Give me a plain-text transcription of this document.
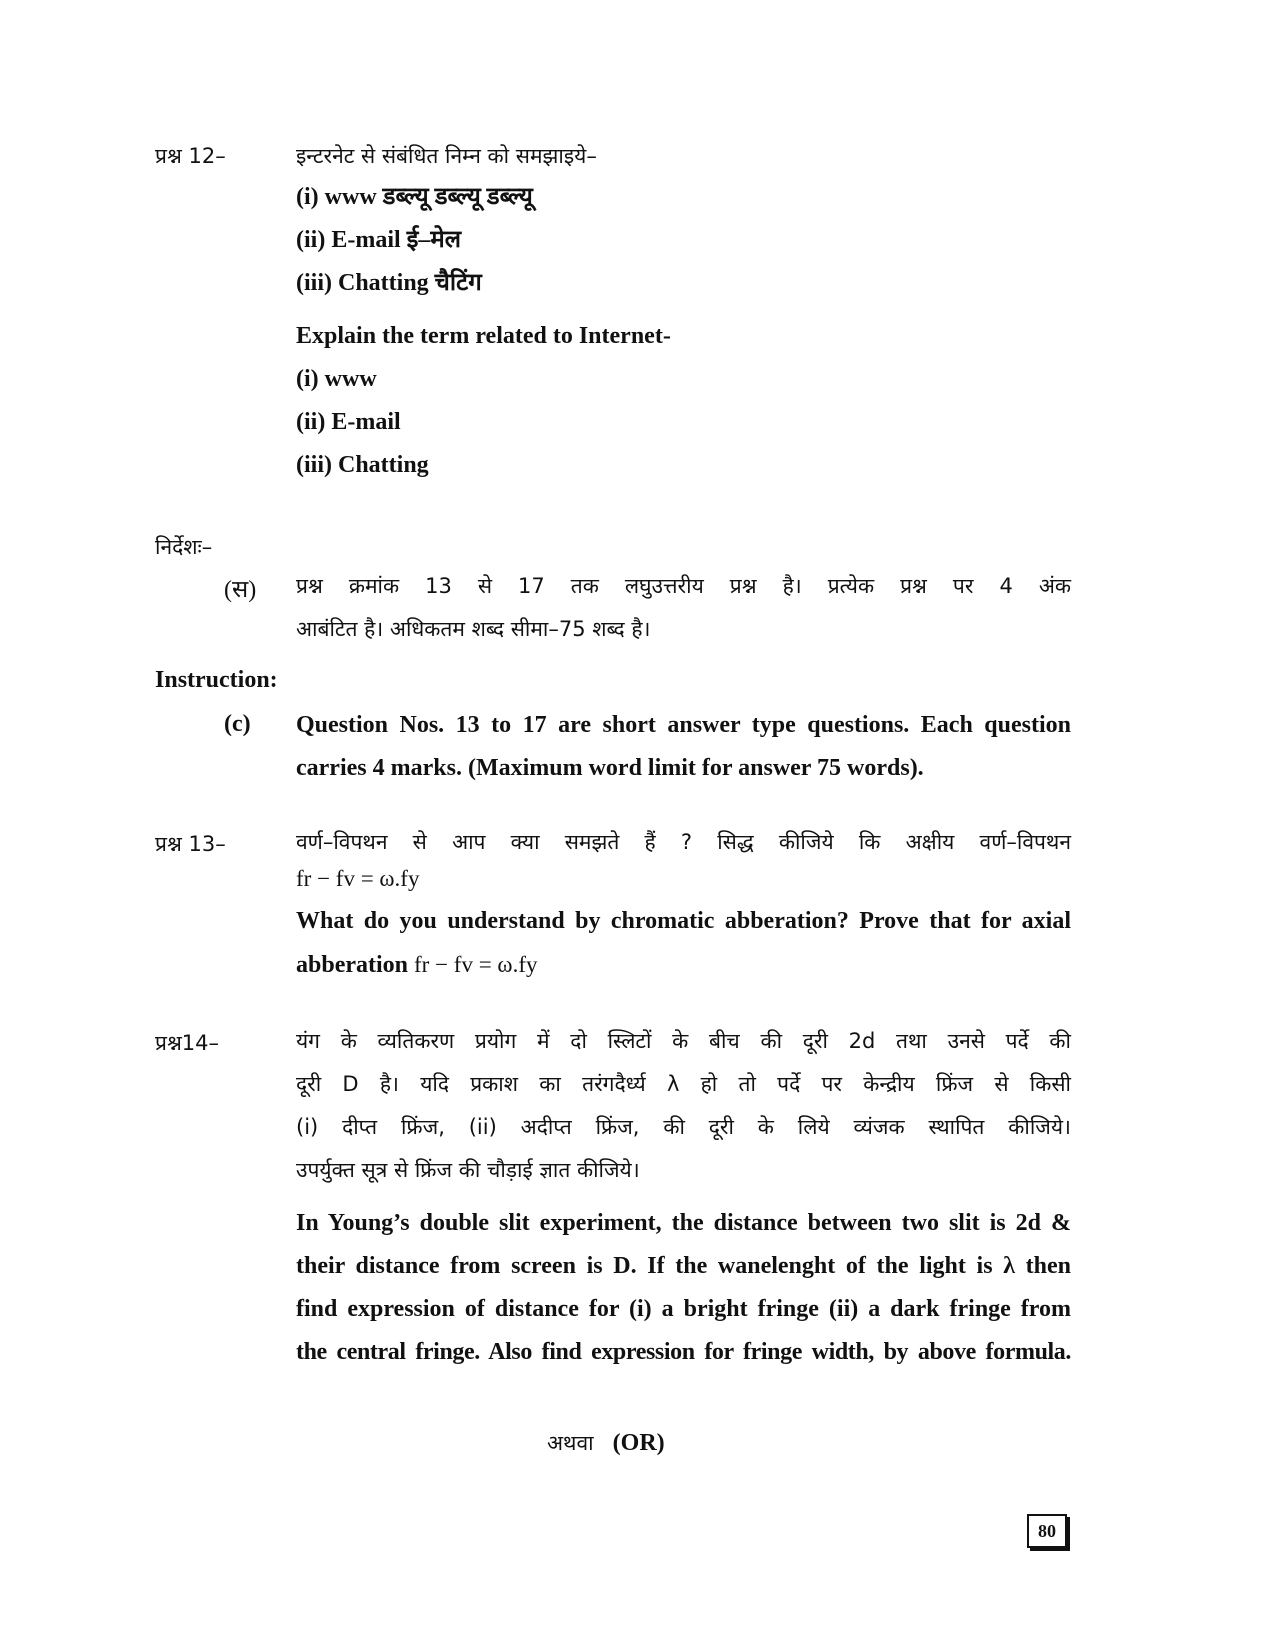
प्रश्न 12–	इन्टरनेट से संबंधित निम्न को समझाइये–
(i) www डब्ल्यू डब्ल्यू डब्ल्यू
(ii) E-mail ई–मेल
(iii) Chatting चैटिंग
Explain the term related to Internet-
(i) www
(ii) E-mail
(iii) Chatting
निर्देशः–
(स) प्रश्न क्रमांक 13 से 17 तक लघुउत्तरीय प्रश्न है। प्रत्येक प्रश्न पर 4 अंक
आबंटित है। अधिकतम शब्द सीमा–75 शब्द है।
Instruction:
(c) Question Nos. 13 to 17 are short answer type questions. Each question
carries 4 marks. (Maximum word limit for answer 75 words).
प्रश्न 13–	वर्ण–विपथन से आप क्या समझते हैं ? सिद्ध कीजिये कि अक्षीय वर्ण–विपथन
fr − fv = ω.fy
What do you understand by chromatic abberation? Prove that for axial
abberation fr − fv = ω.fy
प्रश्न14–	यंग के व्यतिकरण प्रयोग में दो स्लिटों के बीच की दूरी 2d तथा उनसे पर्दे की
दूरी D है। यदि प्रकाश का तरंगदैर्ध्य λ हो तो पर्दे पर केन्द्रीय फ्रिंज से किसी
(i) दीप्त फ्रिंज, (ii) अदीप्त फ्रिंज, की दूरी के लिये व्यंजक स्थापित कीजिये।
उपर्युक्त सूत्र से फ्रिंज की चौड़ाई ज्ञात कीजिये।
In Young’s double slit experiment, the distance between two slit is 2d &
their distance from screen is D. If the wanelenght of the light is λ then
find expression of distance for (i) a bright fringe (ii) a dark fringe from
the central fringe. Also find expression for fringe width, by above formula.
अथवा (OR)
80
